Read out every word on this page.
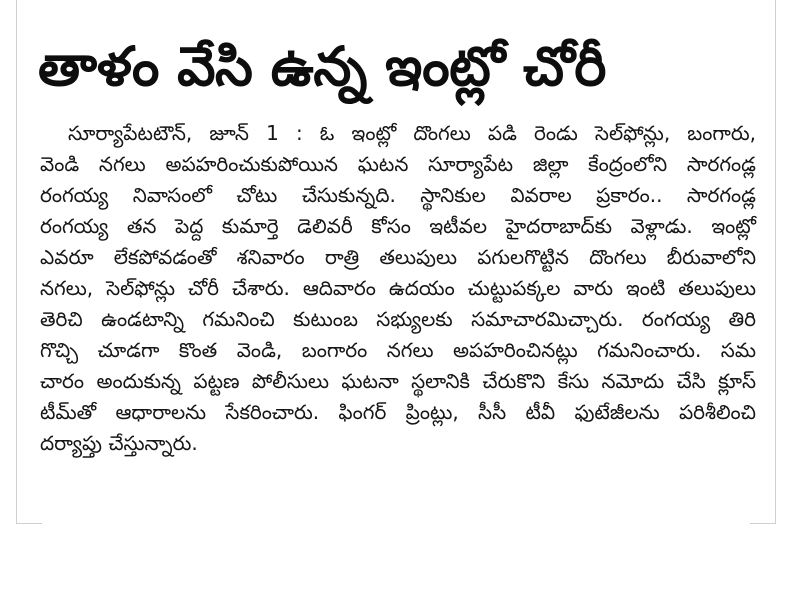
తాళం వేసి ఉన్న ఇంట్లో చోరీ
సూర్యాపేటటౌన్, జూన్ 1 : ఓ ఇంట్లో దొంగలు పడి రెండు సెల్‌ఫోన్లు, బంగారు,
వెండి నగలు అపహరించుకుపోయిన ఘటన సూర్యాపేట జిల్లా కేంద్రంలోని సారగండ్ల
రంగయ్య నివాసంలో చోటు చేసుకున్నది. స్థానికుల వివరాల ప్రకారం.. సారగండ్ల
రంగయ్య తన పెద్ద కుమార్తె డెలివరీ కోసం ఇటీవల హైదరాబాద్‌కు వెళ్లాడు. ఇంట్లో
ఎవరూ లేకపోవడంతో శనివారం రాత్రి తలుపులు పగులగొట్టిన దొంగలు బీరువాలోని
నగలు, సెల్‌ఫోన్లు చోరీ చేశారు. ఆదివారం ఉదయం చుట్టుపక్కల వారు ఇంటి తలుపులు
తెరిచి ఉండటాన్ని గమనించి కుటుంబ సభ్యులకు సమాచారమిచ్చారు. రంగయ్య తిరి
గొచ్చి చూడగా కొంత వెండి, బంగారం నగలు అపహరించినట్లు గమనించారు. సమ
చారం అందుకున్న పట్టణ పోలీసులు ఘటనా స్థలానికి చేరుకొని కేసు నమోదు చేసి క్లూస్
టీమ్‌తో ఆధారాలను సేకరించారు. ఫింగర్ ప్రింట్లు, సీసీ టీవీ ఫుటేజీలను పరిశీలించి
దర్యాప్తు చేస్తున్నారు.
